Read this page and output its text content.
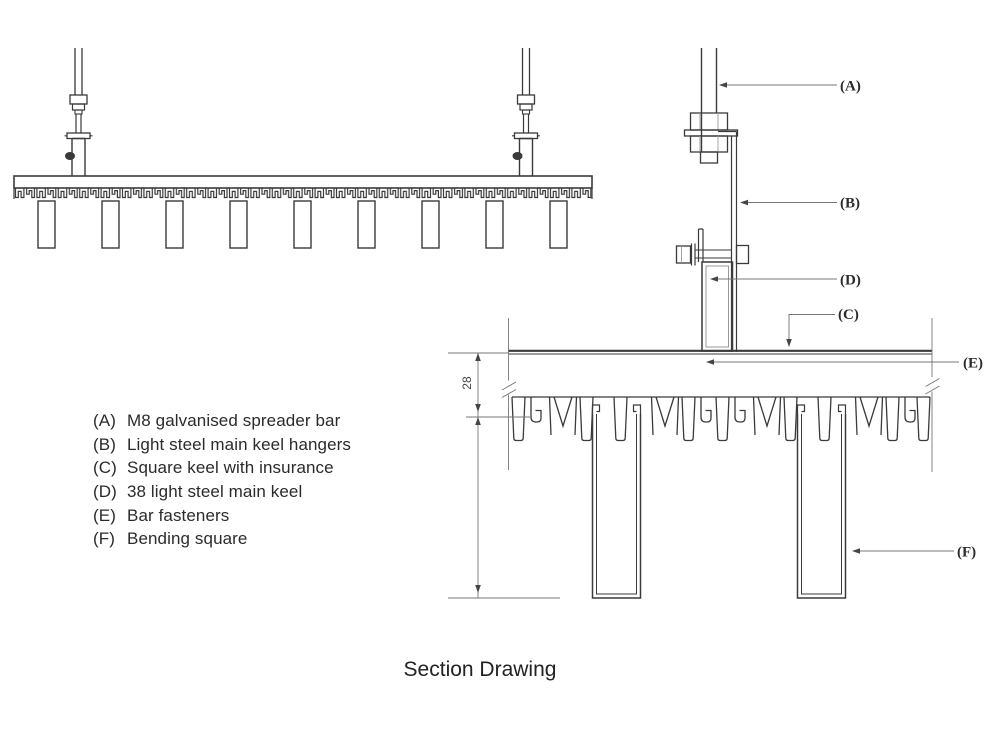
28
(A)
(B)
(C)
(D)
(E)
(F)
(A) M8 galvanised spreader bar
(B) Light steel main keel hangers
(C) Square keel with insurance
(D) 38 light steel main keel
(E) Bar fasteners
(F) Bending square
Section Drawing
